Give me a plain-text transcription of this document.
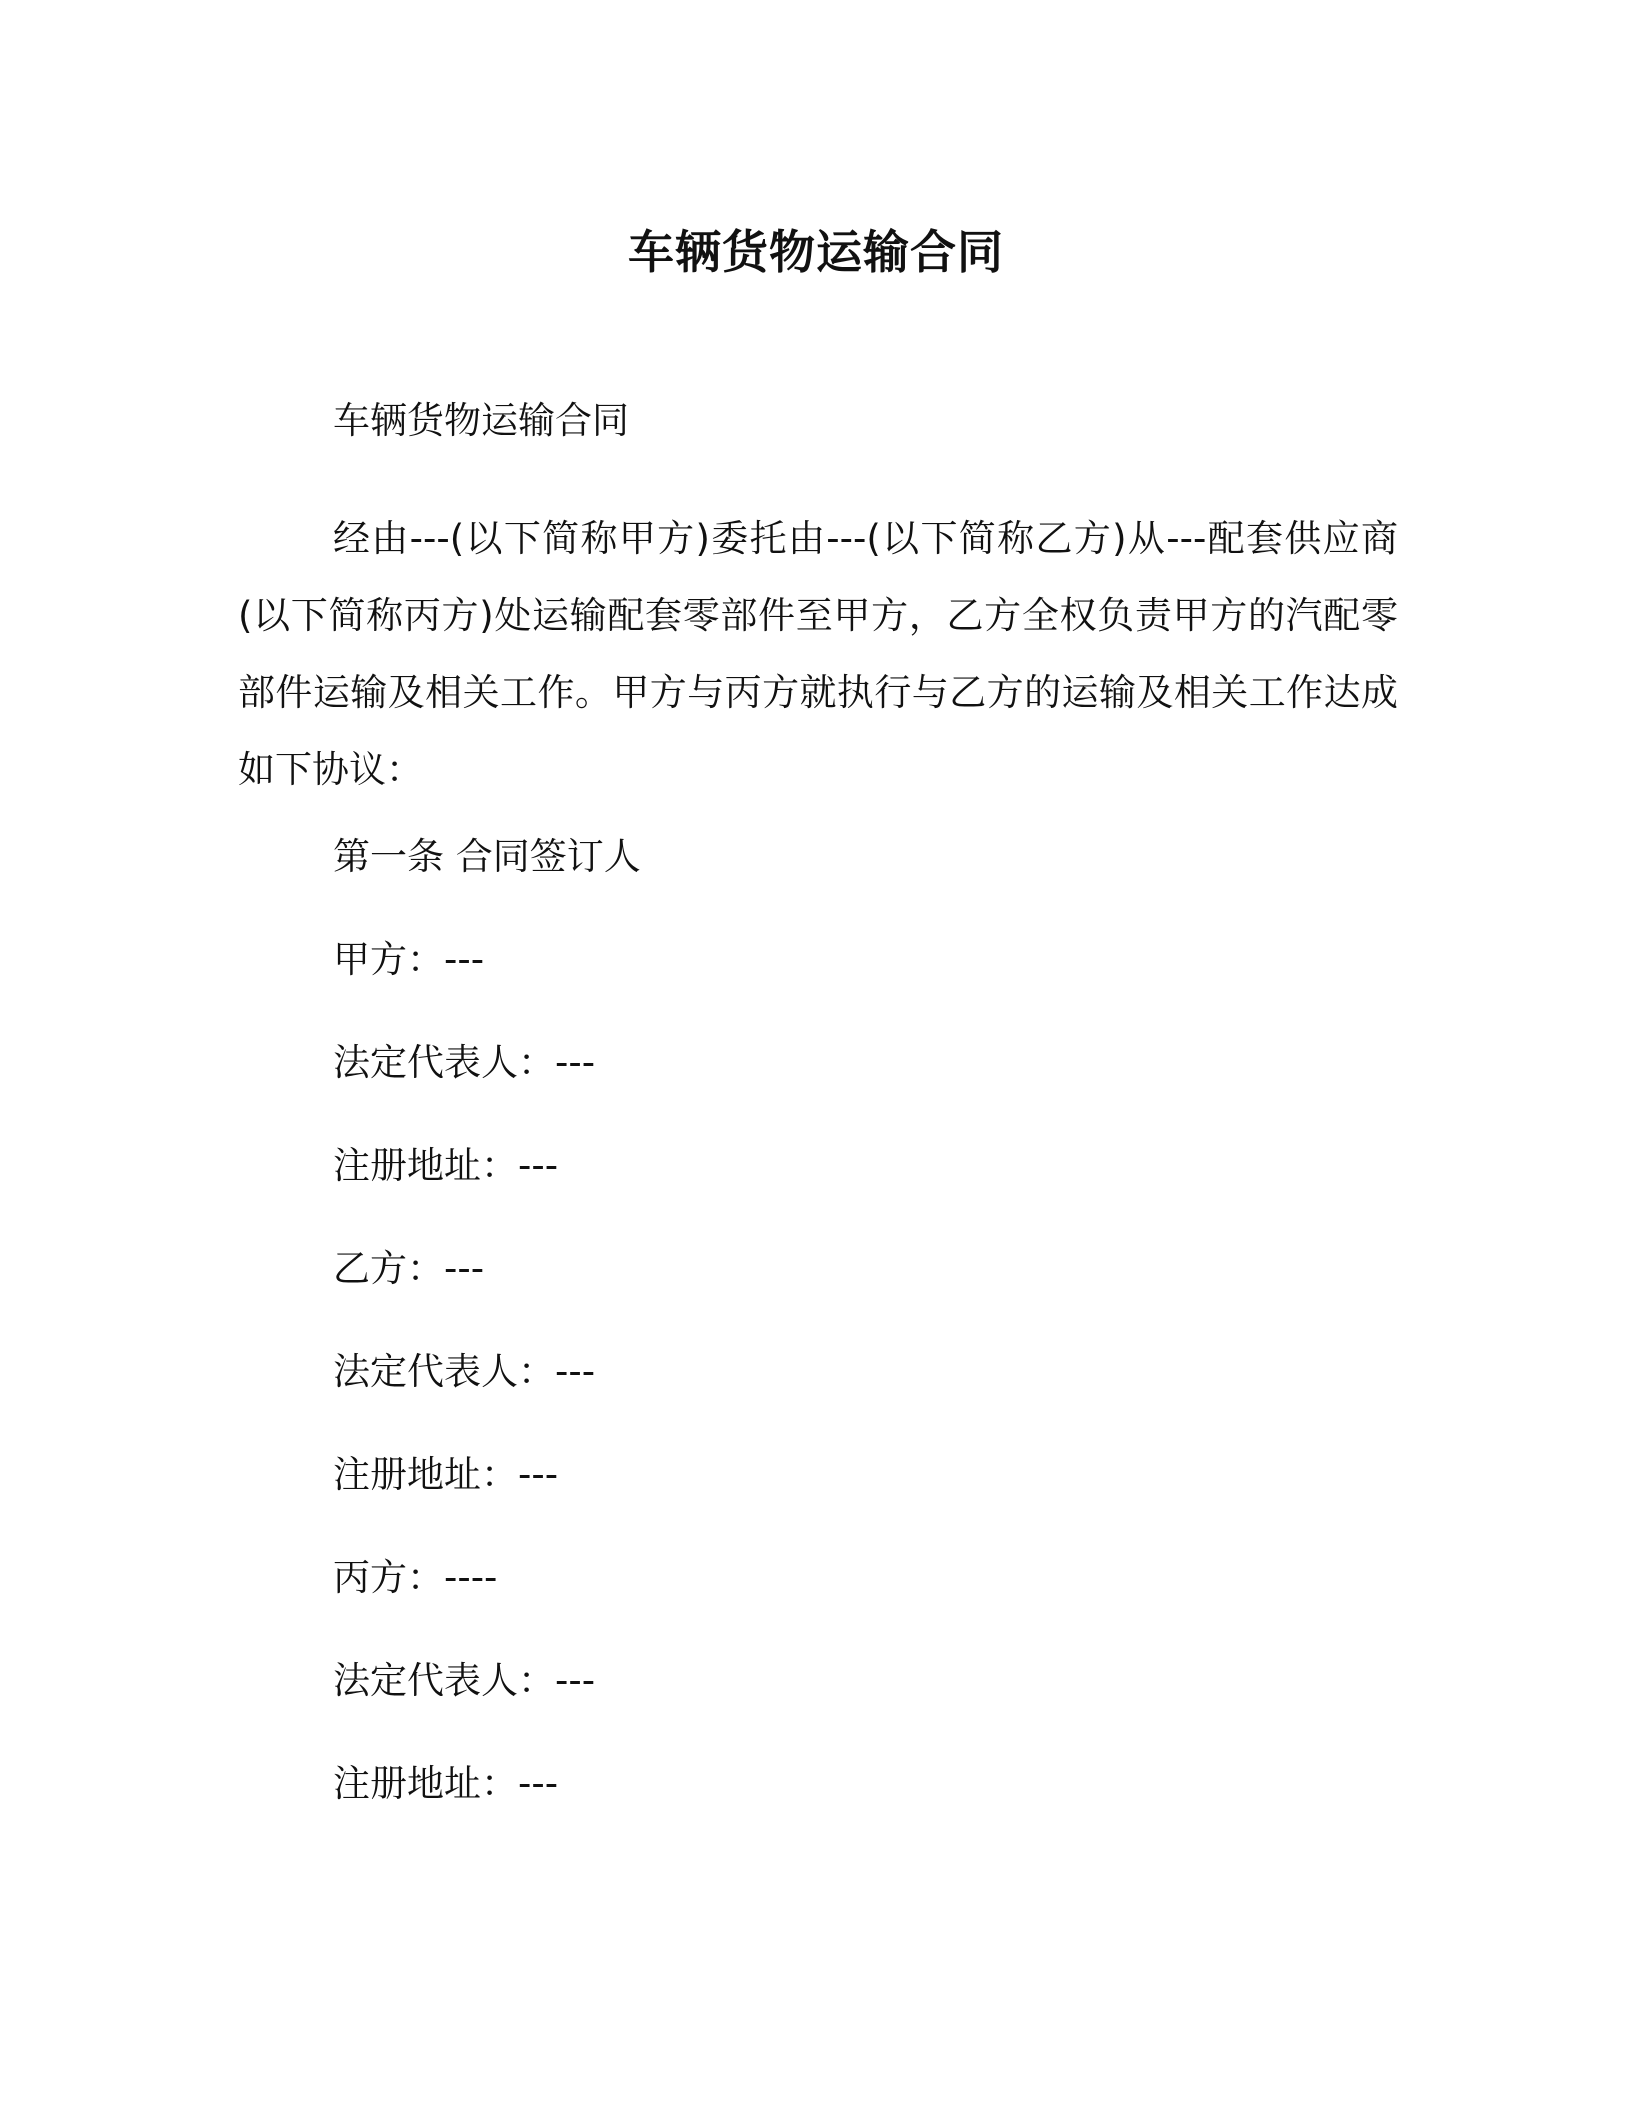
车辆货物运输合同

车辆货物运输合同

经由---(以下简称甲方)委托由---(以下简称乙方)从---配套供应商(以下简称丙方)处运输配套零部件至甲方，乙方全权负责甲方的汽配零部件运输及相关工作。甲方与丙方就执行与乙方的运输及相关工作达成如下协议：

第一条 合同签订人

甲方：---

法定代表人：---

注册地址：---

乙方：---

法定代表人：---

注册地址：---

丙方：----

法定代表人：---

注册地址：---
